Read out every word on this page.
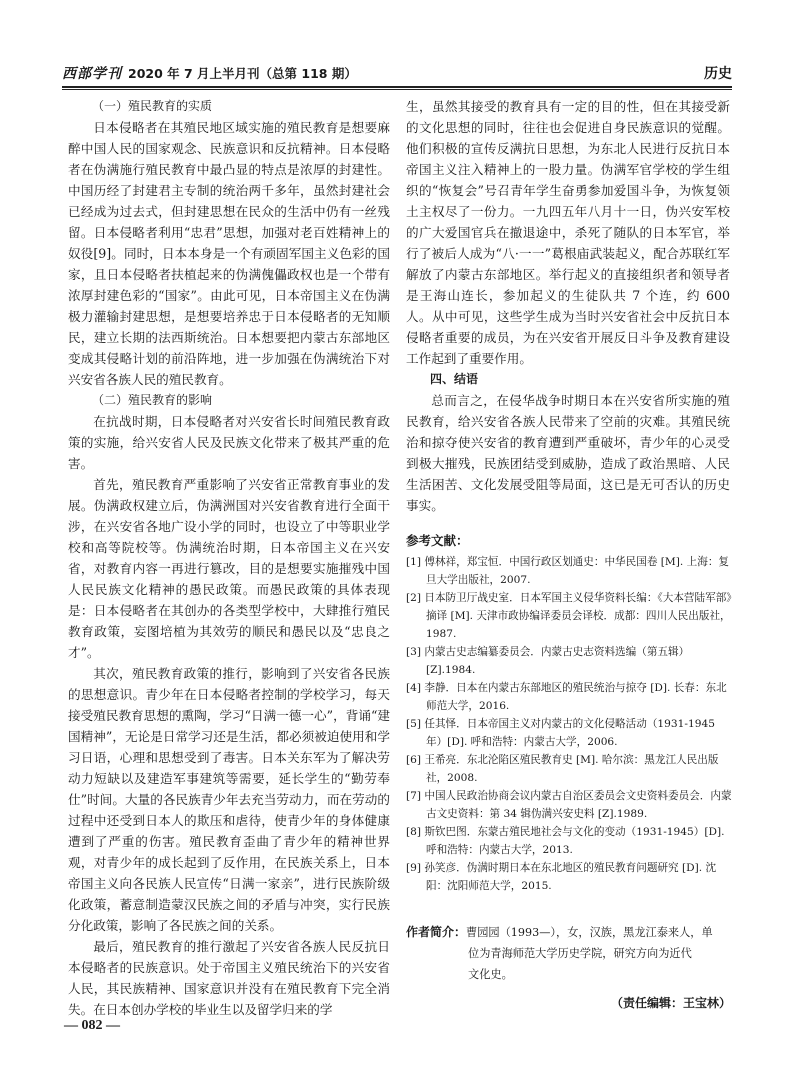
西部学刊 2020 年 7 月上半月刊（总第 118 期）	历史

（一）殖民教育的实质

日本侵略者在其殖民地区域实施的殖民教育是想要麻醉中国人民的国家观念、民族意识和反抗精神。日本侵略者在伪满施行殖民教育中最凸显的特点是浓厚的封建性。中国历经了封建君主专制的统治两千多年，虽然封建社会已经成为过去式，但封建思想在民众的生活中仍有一丝残留。日本侵略者利用“忠君”思想，加强对老百姓精神上的奴役[9]。同时，日本本身是一个有顽固军国主义色彩的国家，且日本侵略者扶植起来的伪满傀儡政权也是一个带有浓厚封建色彩的“国家”。由此可见，日本帝国主义在伪满极力灌输封建思想，是想要培养忠于日本侵略者的无知顺民，建立长期的法西斯统治。日本想要把内蒙古东部地区变成其侵略计划的前沿阵地，进一步加强在伪满统治下对兴安省各族人民的殖民教育。

（二）殖民教育的影响

在抗战时期，日本侵略者对兴安省长时间殖民教育政策的实施，给兴安省人民及民族文化带来了极其严重的危害。

首先，殖民教育严重影响了兴安省正常教育事业的发展。伪满政权建立后，伪满洲国对兴安省教育进行全面干涉，在兴安省各地广设小学的同时，也设立了中等职业学校和高等院校等。伪满统治时期，日本帝国主义在兴安省，对教育内容一再进行篡改，目的是想要实施摧残中国人民民族文化精神的愚民政策。而愚民政策的具体表现是：日本侵略者在其创办的各类型学校中，大肆推行殖民教育政策，妄图培植为其效劳的顺民和愚民以及“忠良之才”。

其次，殖民教育政策的推行，影响到了兴安省各民族的思想意识。青少年在日本侵略者控制的学校学习，每天接受殖民教育思想的熏陶，学习“日满一德一心”，背诵“建国精神”，无论是日常学习还是生活，都必须被迫使用和学习日语，心理和思想受到了毒害。日本关东军为了解决劳动力短缺以及建造军事建筑等需要，延长学生的“勤劳奉仕”时间。大量的各民族青少年去充当劳动力，而在劳动的过程中还受到日本人的欺压和虐待，使青少年的身体健康遭到了严重的伤害。殖民教育歪曲了青少年的精神世界观，对青少年的成长起到了反作用，在民族关系上，日本帝国主义向各民族人民宣传“日满一家亲”，进行民族阶级化政策，蓄意制造蒙汉民族之间的矛盾与冲突，实行民族分化政策，影响了各民族之间的关系。

最后，殖民教育的推行激起了兴安省各族人民反抗日本侵略者的民族意识。处于帝国主义殖民统治下的兴安省人民，其民族精神、国家意识并没有在殖民教育下完全消失。在日本创办学校的毕业生以及留学归来的学

生，虽然其接受的教育具有一定的目的性，但在其接受新的文化思想的同时，往往也会促进自身民族意识的觉醒。他们积极的宣传反满抗日思想，为东北人民进行反抗日本帝国主义注入精神上的一股力量。伪满军官学校的学生组织的“恢复会”号召青年学生奋勇参加爱国斗争，为恢复领土主权尽了一份力。一九四五年八月十一日，伪兴安军校的广大爱国官兵在撤退途中，杀死了随队的日本军官，举行了被后人成为“八·一一”葛根庙武装起义，配合苏联红军解放了内蒙古东部地区。举行起义的直接组织者和领导者是王海山连长，参加起义的生徒队共 7 个连，约 600 人。从中可见，这些学生成为当时兴安省社会中反抗日本侵略者重要的成员，为在兴安省开展反日斗争及教育建设工作起到了重要作用。

四、结语

总而言之，在侵华战争时期日本在兴安省所实施的殖民教育，给兴安省各族人民带来了空前的灾难。其殖民统治和掠夺使兴安省的教育遭到严重破坏，青少年的心灵受到极大摧残，民族团结受到威胁，造成了政治黑暗、人民生活困苦、文化发展受阻等局面，这已是无可否认的历史事实。

参考文献：
[1] 傅林祥，郑宝恒．中国行政区划通史：中华民国卷 [M]. 上海：复旦大学出版社，2007.
[2] 日本防卫厅战史室．日本军国主义侵华资料长编：《大本营陆军部》摘译 [M]. 天津市政协编译委员会译校．成都：四川人民出版社，1987.
[3] 内蒙古史志编纂委员会．内蒙古史志资料选编（第五辑）[Z].1984.
[4] 李静．日本在内蒙古东部地区的殖民统治与掠夺 [D]. 长春：东北师范大学，2016.
[5] 任其怿．日本帝国主义对内蒙古的文化侵略活动（1931-1945 年）[D]. 呼和浩特：内蒙古大学，2006.
[6] 王希亮．东北沦陷区殖民教育史 [M]. 哈尔滨：黑龙江人民出版社，2008.
[7] 中国人民政治协商会议内蒙古自治区委员会文史资料委员会．内蒙古文史资料：第 34 辑伪满兴安史料 [Z].1989.
[8] 斯钦巴图．东蒙古殖民地社会与文化的变动（1931-1945）[D]. 呼和浩特：内蒙古大学，2013.
[9] 孙笑彦．伪满时期日本在东北地区的殖民教育问题研究 [D]. 沈阳：沈阳师范大学，2015.
作者简介：曹园园（1993—），女，汉族，黑龙江泰来人，单
位为青海师范大学历史学院，研究方向为近代
文化史。
（责任编辑：王宝林）
— 082 —
